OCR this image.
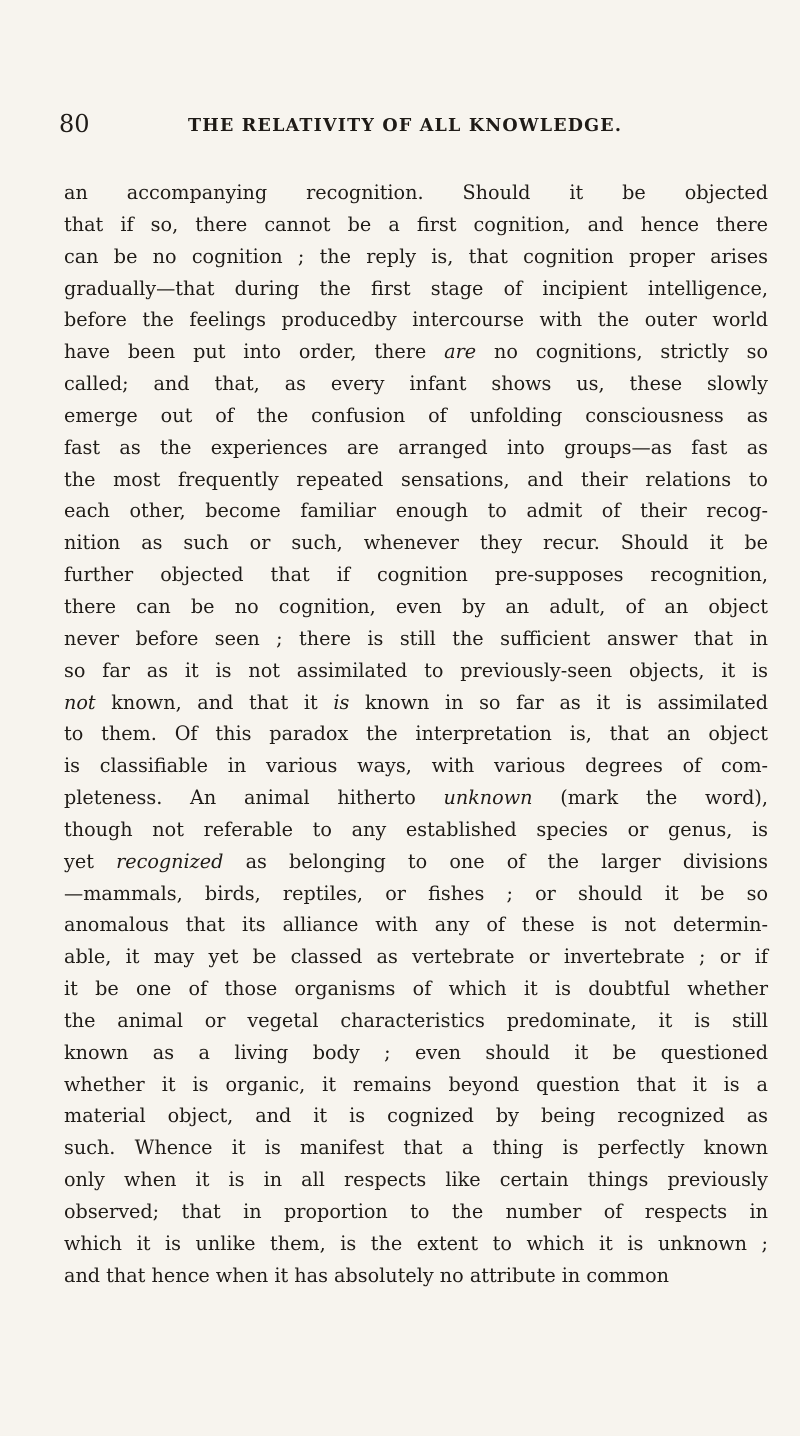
80	THE RELATIVITY OF ALL KNOWLEDGE.
an accompanying recognition. Should it be objected
that if so, there cannot be a first cognition, and hence there
can be no cognition ; the reply is, that cognition proper arises
gradually—that during the first stage of incipient intelligence,
before the feelings producedby intercourse with the outer world
have been put into order, there are no cognitions, strictly so
called; and that, as every infant shows us, these slowly
emerge out of the confusion of unfolding consciousness as
fast as the experiences are arranged into groups—as fast as
the most frequently repeated sensations, and their relations to
each other, become familiar enough to admit of their recog-
nition as such or such, whenever they recur. Should it be
further objected that if cognition pre-supposes recognition,
there can be no cognition, even by an adult, of an object
never before seen ; there is still the sufficient answer that in
so far as it is not assimilated to previously-seen objects, it is
not known, and that it is known in so far as it is assimilated
to them. Of this paradox the interpretation is, that an object
is classifiable in various ways, with various degrees of com-
pleteness. An animal hitherto unknown (mark the word),
though not referable to any established species or genus, is
yet recognized as belonging to one of the larger divisions
—mammals, birds, reptiles, or fishes ; or should it be so
anomalous that its alliance with any of these is not determin-
able, it may yet be classed as vertebrate or invertebrate ; or if
it be one of those organisms of which it is doubtful whether
the animal or vegetal characteristics predominate, it is still
known as a living body ; even should it be questioned
whether it is organic, it remains beyond question that it is a
material object, and it is cognized by being recognized as
such. Whence it is manifest that a thing is perfectly known
only when it is in all respects like certain things previously
observed; that in proportion to the number of respects in
which it is unlike them, is the extent to which it is unknown ;
and that hence when it has absolutely no attribute in common
